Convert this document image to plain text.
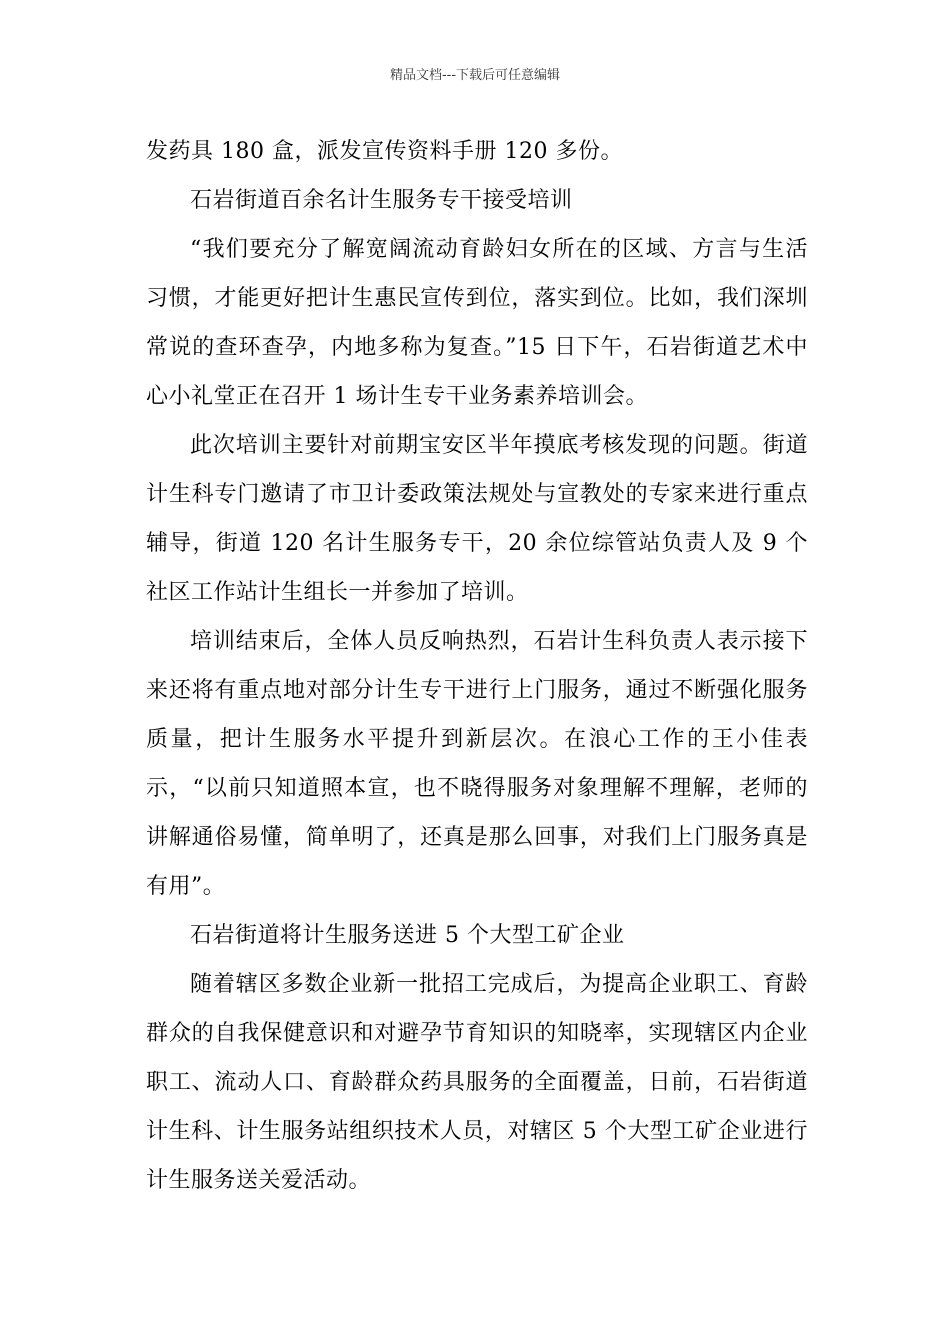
精品文档---下载后可任意编辑

发药具 180 盒，派发宣传资料手册 120 多份。

石岩街道百余名计生服务专干接受培训

“我们要充分了解宽阔流动育龄妇女所在的区域、方言与生活习惯，才能更好把计生惠民宣传到位，落实到位。比如，我们深圳常说的查环查孕，内地多称为复查。”15 日下午，石岩街道艺术中心小礼堂正在召开 1 场计生专干业务素养培训会。

此次培训主要针对前期宝安区半年摸底考核发现的问题。街道计生科专门邀请了市卫计委政策法规处与宣教处的专家来进行重点辅导，街道 120 名计生服务专干，20 余位综管站负责人及 9 个社区工作站计生组长一并参加了培训。

培训结束后，全体人员反响热烈，石岩计生科负责人表示接下来还将有重点地对部分计生专干进行上门服务，通过不断强化服务质量，把计生服务水平提升到新层次。在浪心工作的王小佳表示，“以前只知道照本宣，也不晓得服务对象理解不理解，老师的讲解通俗易懂，简单明了，还真是那么回事，对我们上门服务真是有用”。

石岩街道将计生服务送进 5 个大型工矿企业

随着辖区多数企业新一批招工完成后，为提高企业职工、育龄群众的自我保健意识和对避孕节育知识的知晓率，实现辖区内企业职工、流动人口、育龄群众药具服务的全面覆盖，日前，石岩街道计生科、计生服务站组织技术人员，对辖区 5 个大型工矿企业进行计生服务送关爱活动。
